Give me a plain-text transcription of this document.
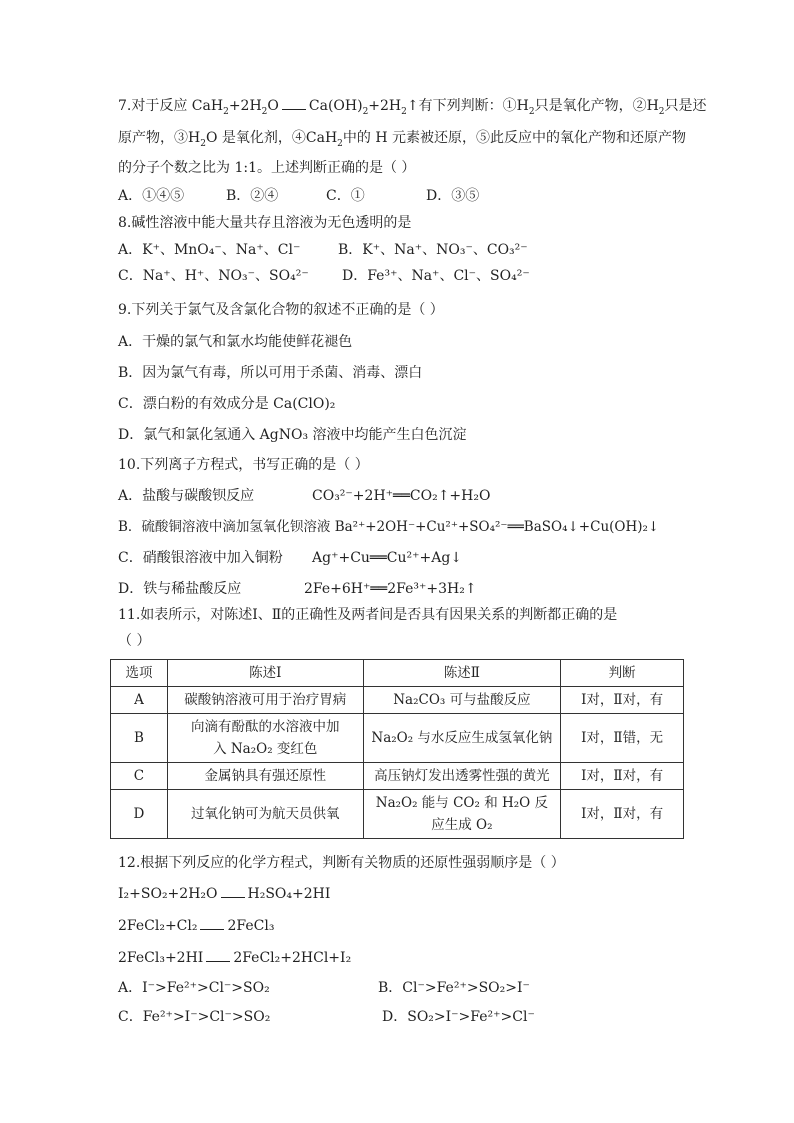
7.对于反应 $CaH_2+2H_2O$ $Ca(OH)_2+2H_2↑$有下列判断：$①H_2$只是氧化产物，$②H_2$只是还
原产物，$③H_2O$ 是氧化剂，④CaH$_2$中的 H 元素被还原，⑤此反应中的氧化产物和还原产物
的分子个数之比为 1:1。上述判断正确的是（ ）
A．①④⑤	B．②④	C．①	D．③⑤
8.碱性溶液中能大量共存且溶液为无色透明的是
A．K⁺、MnO₄⁻、Na⁺、Cl⁻	B．K⁺、Na⁺、NO₃⁻、CO₃²⁻
C．Na⁺、H⁺、NO₃⁻、SO₄²⁻ D．Fe³⁺、Na⁺、Cl⁻、SO₄²⁻
9.下列关于氯气及含氯化合物的叙述不正确的是（ ）
A．干燥的氯气和氯水均能使鲜花褪色
B．因为氯气有毒，所以可用于杀菌、消毒、漂白
C．漂白粉的有效成分是 Ca(ClO)₂
D．氯气和氯化氢通入 AgNO₃ 溶液中均能产生白色沉淀
10.下列离子方程式，书写正确的是（ ）
A．盐酸与碳酸钡反应	CO₃²⁻+2H⁺══CO₂↑+H₂O
B．硫酸铜溶液中滴加氢氧化钡溶液 Ba²⁺+2OH⁻+Cu²⁺+SO₄²⁻══BaSO₄↓+Cu(OH)₂↓
C．硝酸银溶液中加入铜粉 Ag⁺+Cu══Cu²⁺+Ag↓
D．铁与稀盐酸反应	2Fe+6H⁺══2Fe³⁺+3H₂↑
11.如表所示，对陈述Ⅰ、Ⅱ的正确性及两者间是否具有因果关系的判断都正确的是
（ ）
选项	陈述Ⅰ	陈述Ⅱ	判断
A	碳酸钠溶液可用于治疗胃病	Na₂CO₃ 可与盐酸反应	Ⅰ对，Ⅱ对，有
B	向滴有酚酞的水溶液中加入 Na₂O₂ 变红色	Na₂O₂ 与水反应生成氢氧化钠	Ⅰ对，Ⅱ错，无
C	金属钠具有强还原性	高压钠灯发出透雾性强的黄光	Ⅰ对，Ⅱ对，有
D	过氧化钠可为航天员供氧	Na₂O₂ 能与 CO₂ 和 H₂O 反应生成 O₂	Ⅰ对，Ⅱ对，有
12.根据下列反应的化学方程式，判断有关物质的还原性强弱顺序是（ ）
I₂+SO₂+2H₂O H₂SO₄+2HI
2FeCl₂+Cl₂ 2FeCl₃
2FeCl₃+2HI 2FeCl₂+2HCl+I₂
A．I⁻>Fe²⁺>Cl⁻>SO₂	B．Cl⁻>Fe²⁺>SO₂>I⁻
C．Fe²⁺>I⁻>Cl⁻>SO₂	D．SO₂>I⁻>Fe²⁺>Cl⁻
